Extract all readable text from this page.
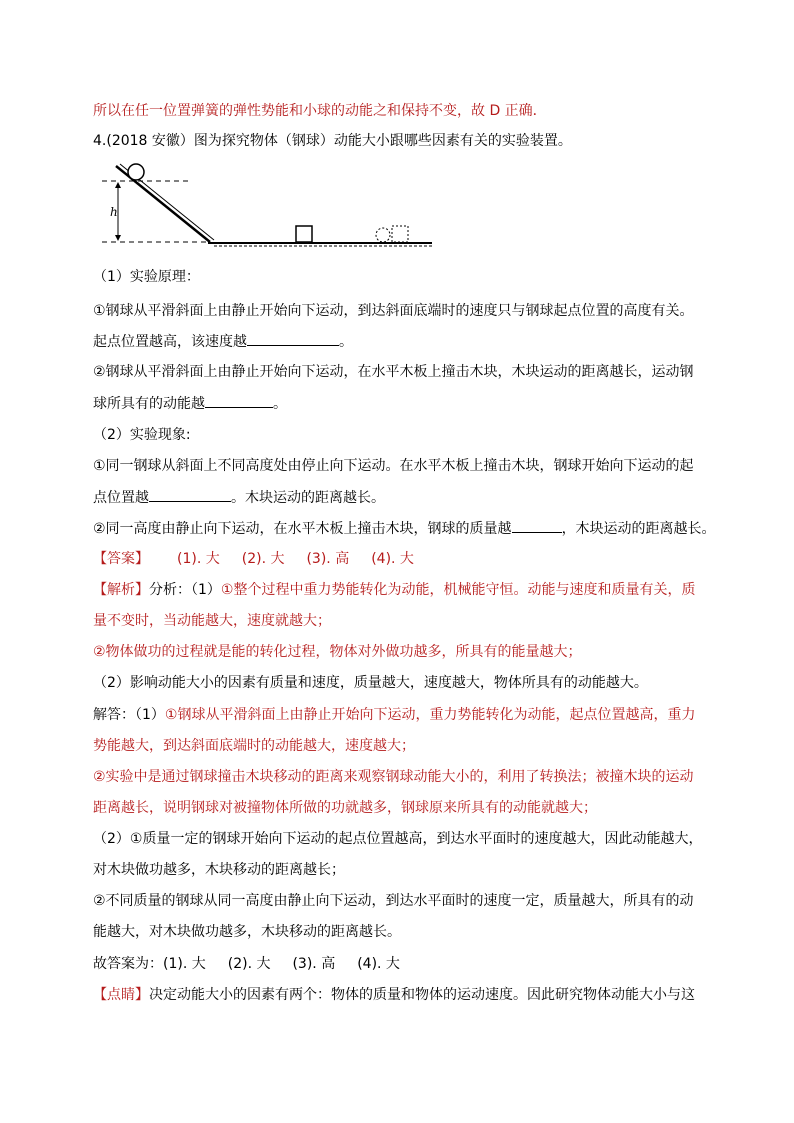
所以在任一位置弹簧的弹性势能和小球的动能之和保持不变，故 D 正确．
4.(2018 安徽）图为探究物体（钢球）动能大小跟哪些因素有关的实验装置。
h
（1）实验原理：
①钢球从平滑斜面上由静止开始向下运动，到达斜面底端时的速度只与钢球起点位置的高度有关。
起点位置越高，该速度越	。
②钢球从平滑斜面上由静止开始向下运动，在水平木板上撞击木块，木块运动的距离越长，运动钢
球所具有的动能越	。
（2）实验现象:
①同一钢球从斜面上不同高度处由停止向下运动。在水平木板上撞击木块，钢球开始向下运动的起
点位置越	。木块运动的距离越长。
②同一高度由静止向下运动，在水平木板上撞击木块，钢球的质量越	，木块运动的距离越长。
【答案】 (1). 大 (2). 大 (3). 高 (4). 大
【解析】分析：（1）①整个过程中重力势能转化为动能，机械能守恒。动能与速度和质量有关，质
量不变时，当动能越大，速度就越大；
②物体做功的过程就是能的转化过程，物体对外做功越多，所具有的能量越大；
（2）影响动能大小的因素有质量和速度，质量越大，速度越大，物体所具有的动能越大。
解答：（1）①钢球从平滑斜面上由静止开始向下运动，重力势能转化为动能，起点位置越高，重力
势能越大，到达斜面底端时的动能越大，速度越大；
②实验中是通过钢球撞击木块移动的距离来观察钢球动能大小的，利用了转换法；被撞木块的运动
距离越长，说明钢球对被撞物体所做的功就越多，钢球原来所具有的动能就越大；
（2）①质量一定的钢球开始向下运动的起点位置越高，到达水平面时的速度越大，因此动能越大，
对木块做功越多，木块移动的距离越长；
②不同质量的钢球从同一高度由静止向下运动，到达水平面时的速度一定，质量越大，所具有的动
能越大，对木块做功越多，木块移动的距离越长。
故答案为：(1). 大 (2). 大 (3). 高 (4). 大
【点睛】决定动能大小的因素有两个：物体的质量和物体的运动速度。因此研究物体动能大小与这
